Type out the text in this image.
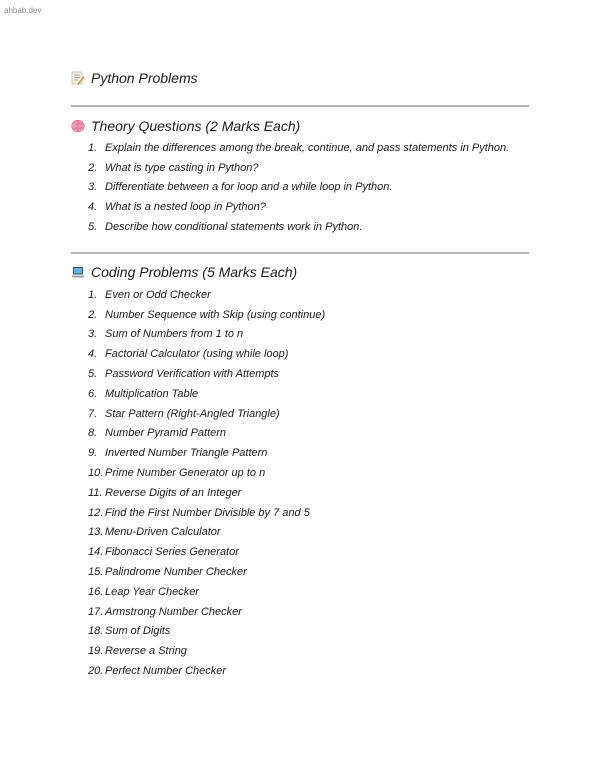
ahbab.dev
Python Problems
Theory Questions (2 Marks Each)
1. Explain the differences among the break, continue, and pass statements in Python.
2. What is type casting in Python?
3. Differentiate between a for loop and a while loop in Python.
4. What is a nested loop in Python?
5. Describe how conditional statements work in Python.
Coding Problems (5 Marks Each)
1. Even or Odd Checker
2. Number Sequence with Skip (using continue)
3. Sum of Numbers from 1 to n
4. Factorial Calculator (using while loop)
5. Password Verification with Attempts
6. Multiplication Table
7. Star Pattern (Right-Angled Triangle)
8. Number Pyramid Pattern
9. Inverted Number Triangle Pattern
10. Prime Number Generator up to n
11. Reverse Digits of an Integer
12. Find the First Number Divisible by 7 and 5
13. Menu-Driven Calculator
14. Fibonacci Series Generator
15. Palindrome Number Checker
16. Leap Year Checker
17. Armstrong Number Checker
18. Sum of Digits
19. Reverse a String
20. Perfect Number Checker
